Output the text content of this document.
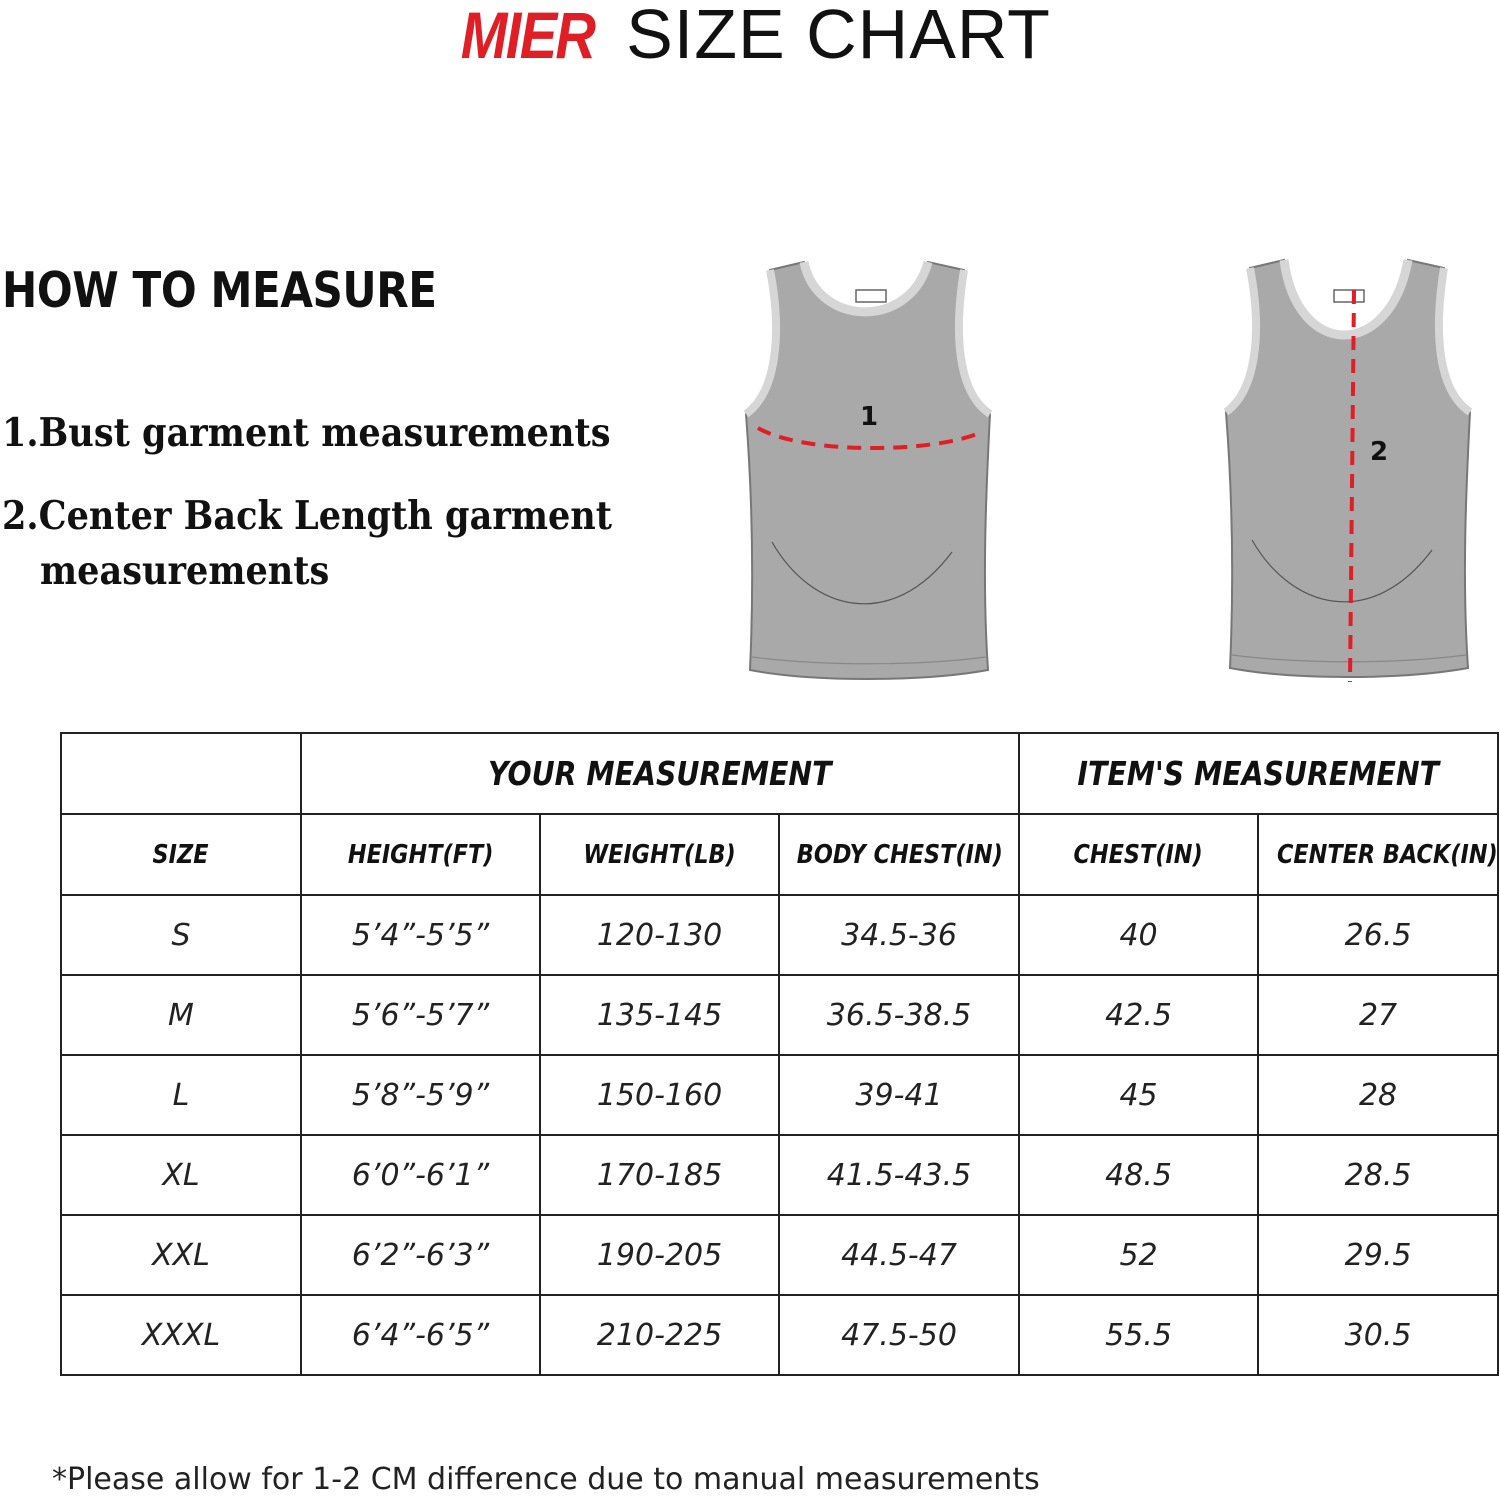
MIER SIZE CHART
HOW TO MEASURE
1.Bust garment measurements
2.Center Back Length garment
measurements
1
2
	YOUR MEASUREMENT			ITEM'S MEASUREMENT	
SIZE	HEIGHT(FT)	WEIGHT(LB)	BODY CHEST(IN)	CHEST(IN)	CENTER BACK(IN)
S	5’4”-5’5”	120-130	34.5-36	40	26.5
M	5’6”-5’7”	135-145	36.5-38.5	42.5	27
L	5’8”-5’9”	150-160	39-41	45	28
XL	6’0”-6’1”	170-185	41.5-43.5	48.5	28.5
XXL	6’2”-6’3”	190-205	44.5-47	52	29.5
XXXL	6’4”-6’5”	210-225	47.5-50	55.5	30.5
*Please allow for 1-2 CM difference due to manual measurements
